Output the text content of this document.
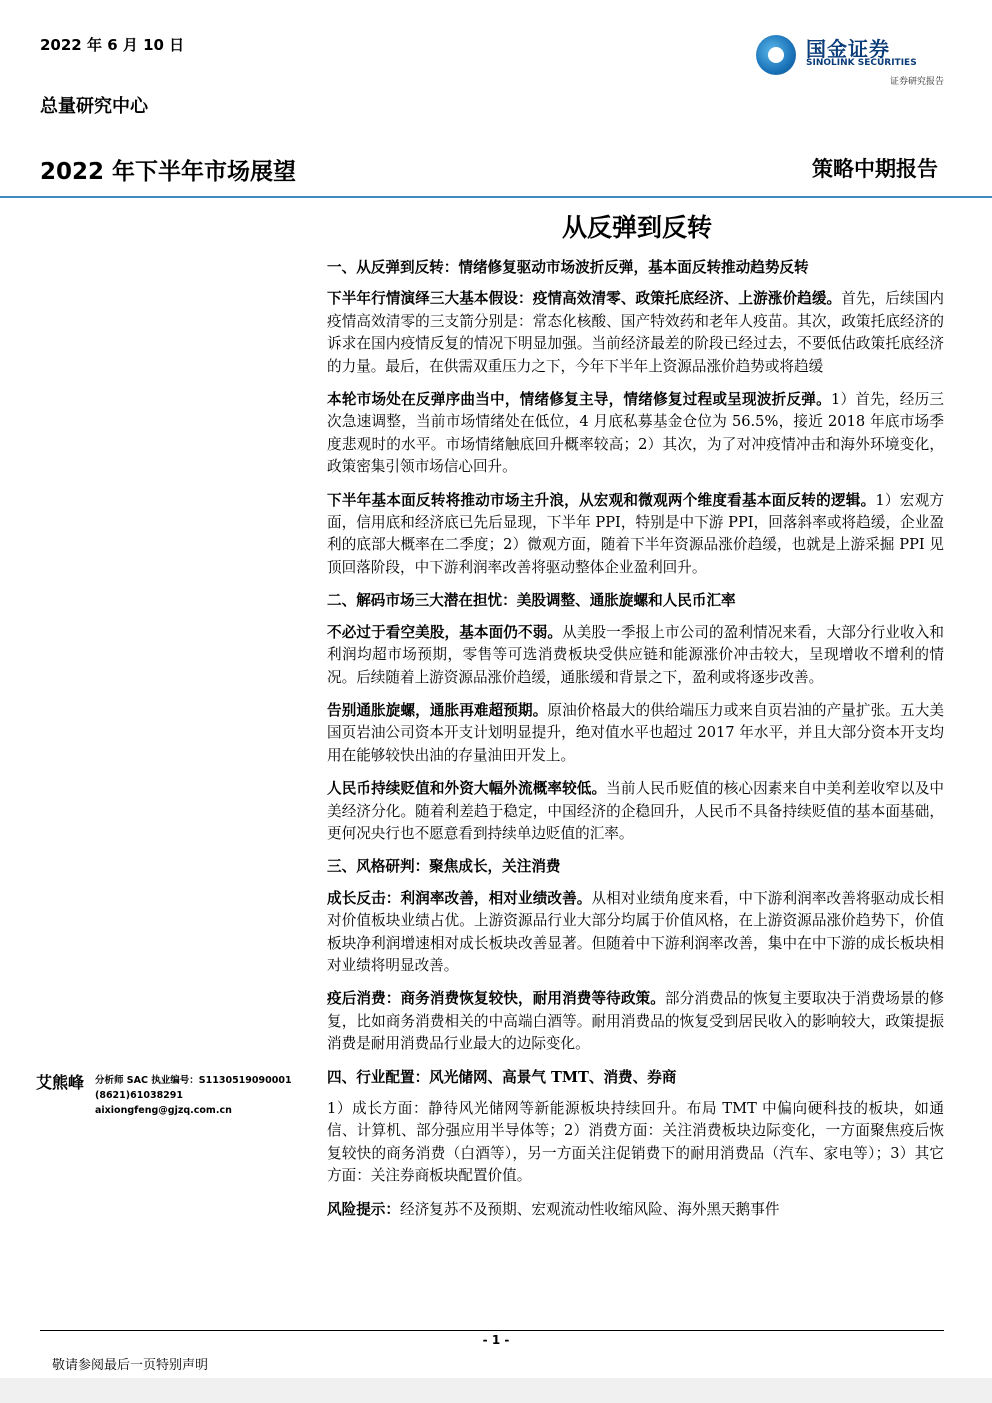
2022 年 6 月 10 日
总量研究中心
国金证券
SINOLINK SECURITIES
证券研究报告
2022 年下半年市场展望	策略中期报告
从反弹到反转
一、从反弹到反转：情绪修复驱动市场波折反弹，基本面反转推动趋势反转
下半年行情演绎三大基本假设：疫情高效清零、政策托底经济、上游涨价趋缓。首先，后续国内疫情高效清零的三支箭分别是：常态化核酸、国产特效药和老年人疫苗。其次，政策托底经济的诉求在国内疫情反复的情况下明显加强。当前经济最差的阶段已经过去，不要低估政策托底经济的力量。最后，在供需双重压力之下，今年下半年上资源品涨价趋势或将趋缓
本轮市场处在反弹序曲当中，情绪修复主导，情绪修复过程或呈现波折反弹。1）首先，经历三次急速调整，当前市场情绪处在低位，4 月底私募基金仓位为 56.5%，接近 2018 年底市场季度悲观时的水平。市场情绪触底回升概率较高；2）其次，为了对冲疫情冲击和海外环境变化，政策密集引领市场信心回升。
下半年基本面反转将推动市场主升浪，从宏观和微观两个维度看基本面反转的逻辑。1）宏观方面，信用底和经济底已先后显现，下半年 PPI，特别是中下游 PPI，回落斜率或将趋缓，企业盈利的底部大概率在二季度；2）微观方面，随着下半年资源品涨价趋缓，也就是上游采掘 PPI 见顶回落阶段，中下游利润率改善将驱动整体企业盈利回升。
二、解码市场三大潜在担忧：美股调整、通胀旋螺和人民币汇率
不必过于看空美股，基本面仍不弱。从美股一季报上市公司的盈利情况来看，大部分行业收入和利润均超市场预期，零售等可选消费板块受供应链和能源涨价冲击较大，呈现增收不增利的情况。后续随着上游资源品涨价趋缓，通胀缓和背景之下，盈利或将逐步改善。
告别通胀旋螺，通胀再难超预期。原油价格最大的供给端压力或来自页岩油的产量扩张。五大美国页岩油公司资本开支计划明显提升，绝对值水平也超过 2017 年水平，并且大部分资本开支均用在能够较快出油的存量油田开发上。
人民币持续贬值和外资大幅外流概率较低。当前人民币贬值的核心因素来自中美利差收窄以及中美经济分化。随着利差趋于稳定，中国经济的企稳回升，人民币不具备持续贬值的基本面基础，更何况央行也不愿意看到持续单边贬值的汇率。
三、风格研判：聚焦成长，关注消费
成长反击：利润率改善，相对业绩改善。从相对业绩角度来看，中下游利润率改善将驱动成长相对价值板块业绩占优。上游资源品行业大部分均属于价值风格，在上游资源品涨价趋势下，价值板块净利润增速相对成长板块改善显著。但随着中下游利润率改善，集中在中下游的成长板块相对业绩将明显改善。
疫后消费：商务消费恢复较快，耐用消费等待政策。部分消费品的恢复主要取决于消费场景的修复，比如商务消费相关的中高端白酒等。耐用消费品的恢复受到居民收入的影响较大，政策提振消费是耐用消费品行业最大的边际变化。
四、行业配置：风光储网、高景气 TMT、消费、券商
1）成长方面：静待风光储网等新能源板块持续回升。布局 TMT 中偏向硬科技的板块，如通信、计算机、部分强应用半导体等；2）消费方面：关注消费板块边际变化，一方面聚焦疫后恢复较快的商务消费（白酒等），另一方面关注促销费下的耐用消费品（汽车、家电等）；3）其它方面：关注券商板块配置价值。
风险提示：经济复苏不及预期、宏观流动性收缩风险、海外黑天鹅事件
艾熊峰 分析师 SAC 执业编号：S1130519090001
(8621)61038291
aixiongfeng@gjzq.com.cn
- 1 -
敬请参阅最后一页特别声明
